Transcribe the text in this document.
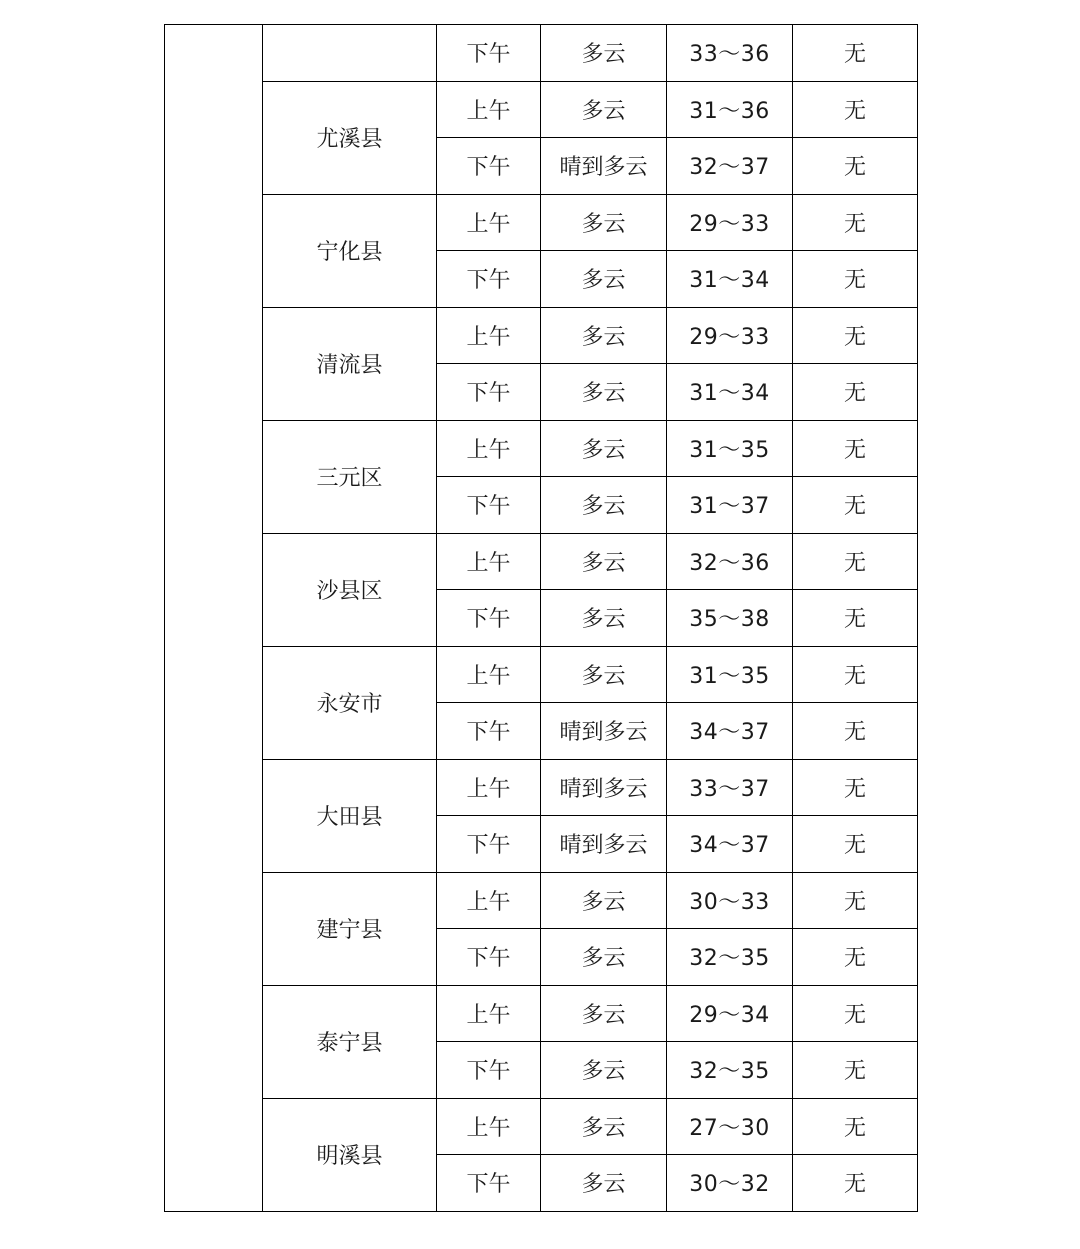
		下午	多云	33～36	无
	尤溪县	上午	多云	31～36	无
		下午	晴到多云	32～37	无
	宁化县	上午	多云	29～33	无
		下午	多云	31～34	无
	清流县	上午	多云	29～33	无
		下午	多云	31～34	无
	三元区	上午	多云	31～35	无
		下午	多云	31～37	无
	沙县区	上午	多云	32～36	无
		下午	多云	35～38	无
	永安市	上午	多云	31～35	无
		下午	晴到多云	34～37	无
	大田县	上午	晴到多云	33～37	无
		下午	晴到多云	34～37	无
	建宁县	上午	多云	30～33	无
		下午	多云	32～35	无
	泰宁县	上午	多云	29～34	无
		下午	多云	32～35	无
	明溪县	上午	多云	27～30	无
		下午	多云	30～32	无
